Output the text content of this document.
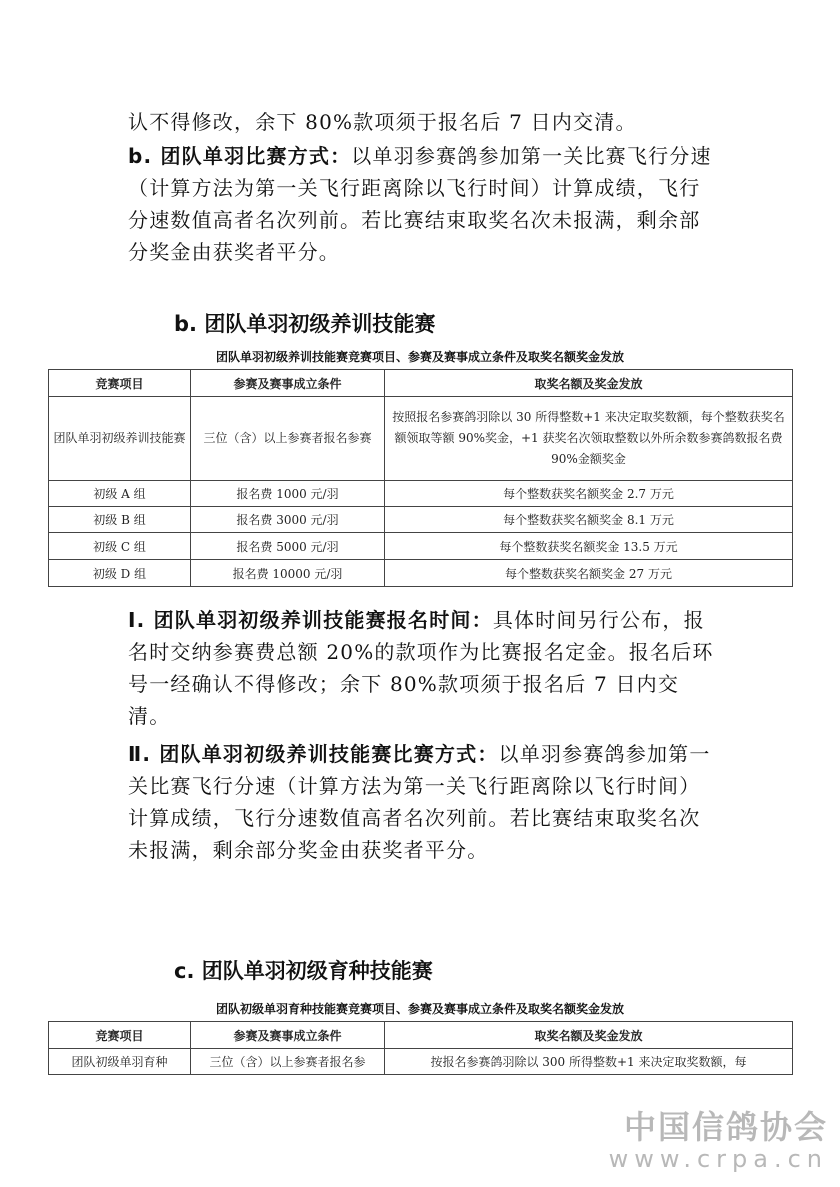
认不得修改，余下 80%款项须于报名后 7 日内交清。

b. 团队单羽比赛方式：以单羽参赛鸽参加第一关比赛飞行分速（计算方法为第一关飞行距离除以飞行时间）计算成绩，飞行分速数值高者名次列前。若比赛结束取奖名次未报满，剩余部分奖金由获奖者平分。

b. 团队单羽初级养训技能赛
团队单羽初级养训技能赛竞赛项目、参赛及赛事成立条件及取奖名额奖金发放
竞赛项目	参赛及赛事成立条件	取奖名额及奖金发放
团队单羽初级养训技能赛	三位（含）以上参赛者报名参赛	按照报名参赛鸽羽除以 30 所得整数+1 来决定取奖数额，每个整数获奖名额领取等额 90%奖金，+1 获奖名次领取整数以外所余数参赛鸽数报名费 90%金额奖金
初级 A 组	报名费 1000 元/羽	每个整数获奖名额奖金 2.7 万元
初级 B 组	报名费 3000 元/羽	每个整数获奖名额奖金 8.1 万元
初级 C 组	报名费 5000 元/羽	每个整数获奖名额奖金 13.5 万元
初级 D 组	报名费 10000 元/羽	每个整数获奖名额奖金 27 万元

Ⅰ. 团队单羽初级养训技能赛报名时间：具体时间另行公布，报名时交纳参赛费总额 20%的款项作为比赛报名定金。报名后环号一经确认不得修改；余下 80%款项须于报名后 7 日内交清。

Ⅱ. 团队单羽初级养训技能赛比赛方式：以单羽参赛鸽参加第一关比赛飞行分速（计算方法为第一关飞行距离除以飞行时间）计算成绩，飞行分速数值高者名次列前。若比赛结束取奖名次未报满，剩余部分奖金由获奖者平分。

c. 团队单羽初级育种技能赛
团队初级单羽育种技能赛竞赛项目、参赛及赛事成立条件及取奖名额奖金发放
竞赛项目	参赛及赛事成立条件	取奖名额及奖金发放
团队初级单羽育种	三位（含）以上参赛者报名参	按报名参赛鸽羽除以 300 所得整数+1 来决定取奖数额，每
中国信鸽协会
www.crpa.cn
